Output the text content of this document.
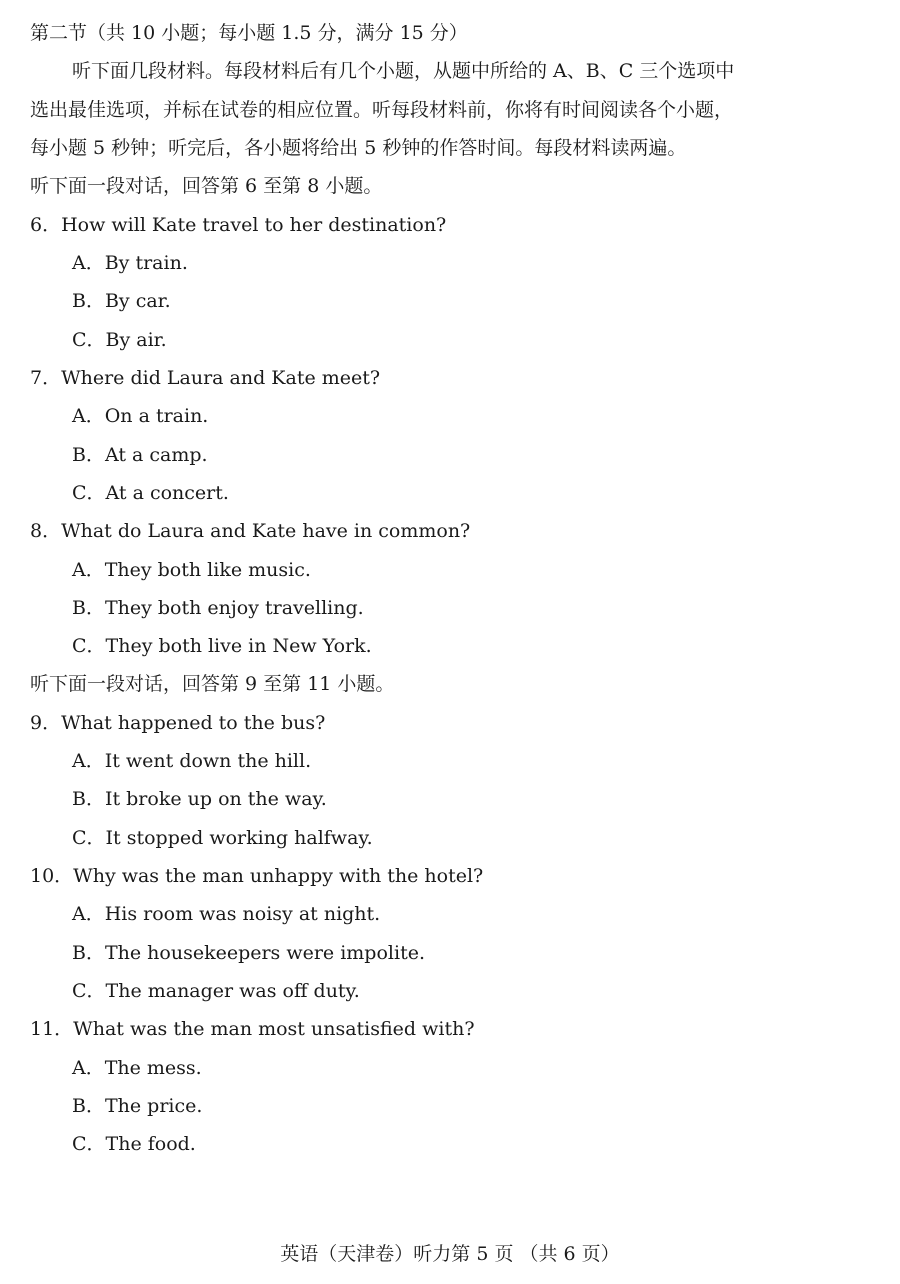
第二节（共 10 小题；每小题 1.5 分，满分 15 分）
听下面几段材料。每段材料后有几个小题，从题中所给的 A、B、C 三个选项中
选出最佳选项，并标在试卷的相应位置。听每段材料前，你将有时间阅读各个小题，
每小题 5 秒钟；听完后，各小题将给出 5 秒钟的作答时间。每段材料读两遍。
听下面一段对话，回答第 6 至第 8 小题。
6．How will Kate travel to her destination?
A．By train.
B．By car.
C．By air.
7．Where did Laura and Kate meet?
A．On a train.
B．At a camp.
C．At a concert.
8．What do Laura and Kate have in common?
A．They both like music.
B．They both enjoy travelling.
C．They both live in New York.
听下面一段对话，回答第 9 至第 11 小题。
9．What happened to the bus?
A．It went down the hill.
B．It broke up on the way.
C．It stopped working halfway.
10．Why was the man unhappy with the hotel?
A．His room was noisy at night.
B．The housekeepers were impolite.
C．The manager was off duty.
11．What was the man most unsatisfied with?
A．The mess.
B．The price.
C．The food.
英语（天津卷）听力第 5 页 （共 6 页）
